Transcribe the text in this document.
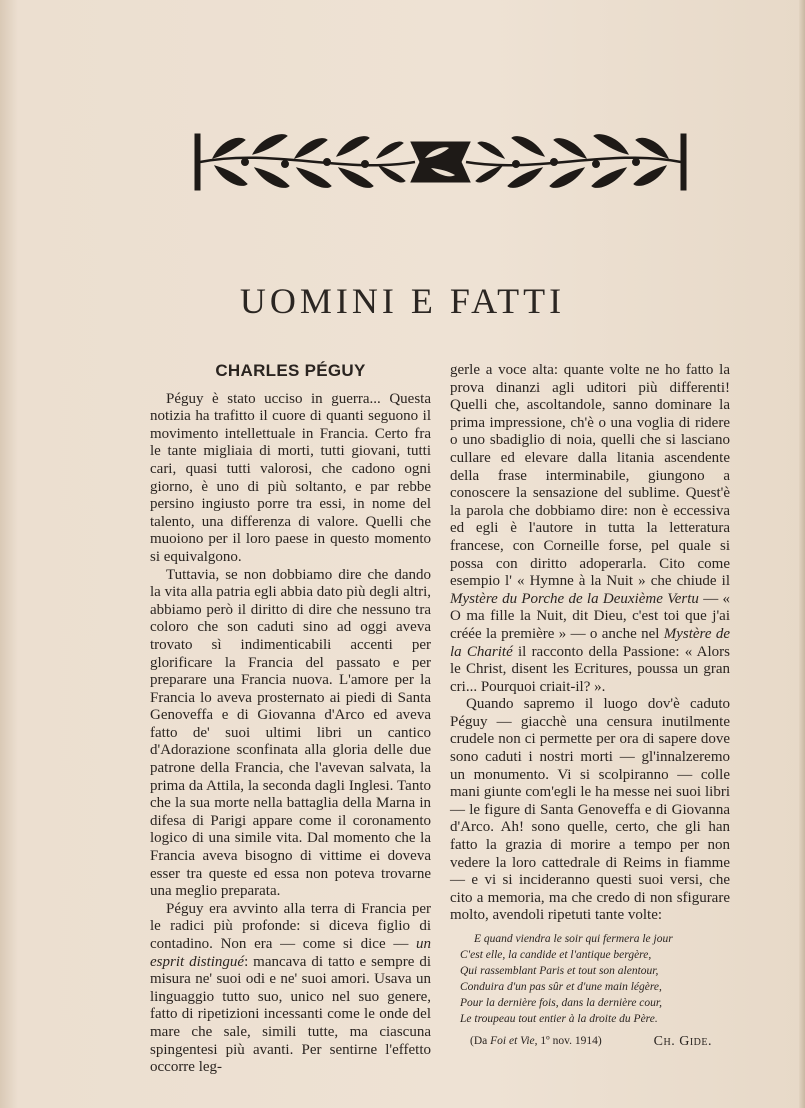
UOMINI E FATTI
CHARLES PÉGUY

Péguy è stato ucciso in guerra... Questa notizia ha trafitto il cuore di quanti seguono il movimento intellettuale in Francia. Certo fra le tante migliaia di morti, tutti giovani, tutti cari, quasi tutti valorosi, che cadono ogni giorno, è uno di più soltanto, e par rebbe persino ingiusto porre tra essi, in nome del talento, una differenza di valore. Quelli che muoiono per il loro paese in questo momento si equivalgono.

Tuttavia, se non dobbiamo dire che dando la vita alla patria egli abbia dato più degli altri, abbiamo però il diritto di dire che nessuno tra coloro che son caduti sino ad oggi aveva trovato sì indimenticabili accenti per glorificare la Francia del passato e per preparare una Francia nuova. L'amore per la Francia lo aveva prosternato ai piedi di Santa Genoveffa e di Giovanna d'Arco ed aveva fatto de' suoi ultimi libri un cantico d'Adorazione sconfinata alla gloria delle due patrone della Francia, che l'avevan salvata, la prima da Attila, la seconda dagli Inglesi. Tanto che la sua morte nella battaglia della Marna in difesa di Parigi appare come il coronamento logico di una simile vita. Dal momento che la Francia aveva bisogno di vittime ei doveva esser tra queste ed essa non poteva trovarne una meglio preparata.

Péguy era avvinto alla terra di Francia per le radici più profonde: si diceva figlio di contadino. Non era — come si dice — un esprit distingué: mancava di tatto e sempre di misura ne' suoi odi e ne' suoi amori. Usava un linguaggio tutto suo, unico nel suo genere, fatto di ripetizioni incessanti come le onde del mare che sale, simili tutte, ma ciascuna spingentesi più avanti. Per sentirne l'effetto occorre leg-

gerle a voce alta: quante volte ne ho fatto la prova dinanzi agli uditori più differenti! Quelli che, ascoltandole, sanno dominare la prima impressione, ch'è o una voglia di ridere o uno sbadiglio di noia, quelli che si lasciano cullare ed elevare dalla litania ascendente della frase interminabile, giungono a conoscere la sensazione del sublime. Quest'è la parola che dobbiamo dire: non è eccessiva ed egli è l'autore in tutta la letteratura francese, con Corneille forse, pel quale si possa con diritto adoperarla. Cito come esempio l' « Hymne à la Nuit » che chiude il Mystère du Porche de la Deuxième Vertu — « O ma fille la Nuit, dit Dieu, c'est toi que j'ai créée la première » — o anche nel Mystère de la Charité il racconto della Passione: « Alors le Christ, disent les Ecritures, poussa un gran cri... Pourquoi criait-il? ».

Quando sapremo il luogo dov'è caduto Péguy — giacchè una censura inutilmente crudele non ci permette per ora di sapere dove sono caduti i nostri morti — gl'innalzeremo un monumento. Vi si scolpiranno — colle mani giunte com'egli le ha messe nei suoi libri — le figure di Santa Genoveffa e di Giovanna d'Arco. Ah! sono quelle, certo, che gli han fatto la grazia di morire a tempo per non vedere la loro cattedrale di Reims in fiamme — e vi si incideranno questi suoi versi, che cito a memoria, ma che credo di non sfigurare molto, avendoli ripetuti tante volte:

E quand viendra le soir qui fermera le jour
C'est elle, la candide et l'antique bergère,
Qui rassemblant Paris et tout son alentour,
Conduira d'un pas sûr et d'une main légère,
Pour la dernière fois, dans la dernière cour,
Le troupeau tout entier à la droite du Père.
(Da Foi et Vie, 1º nov. 1914)	Ch. Gide.
